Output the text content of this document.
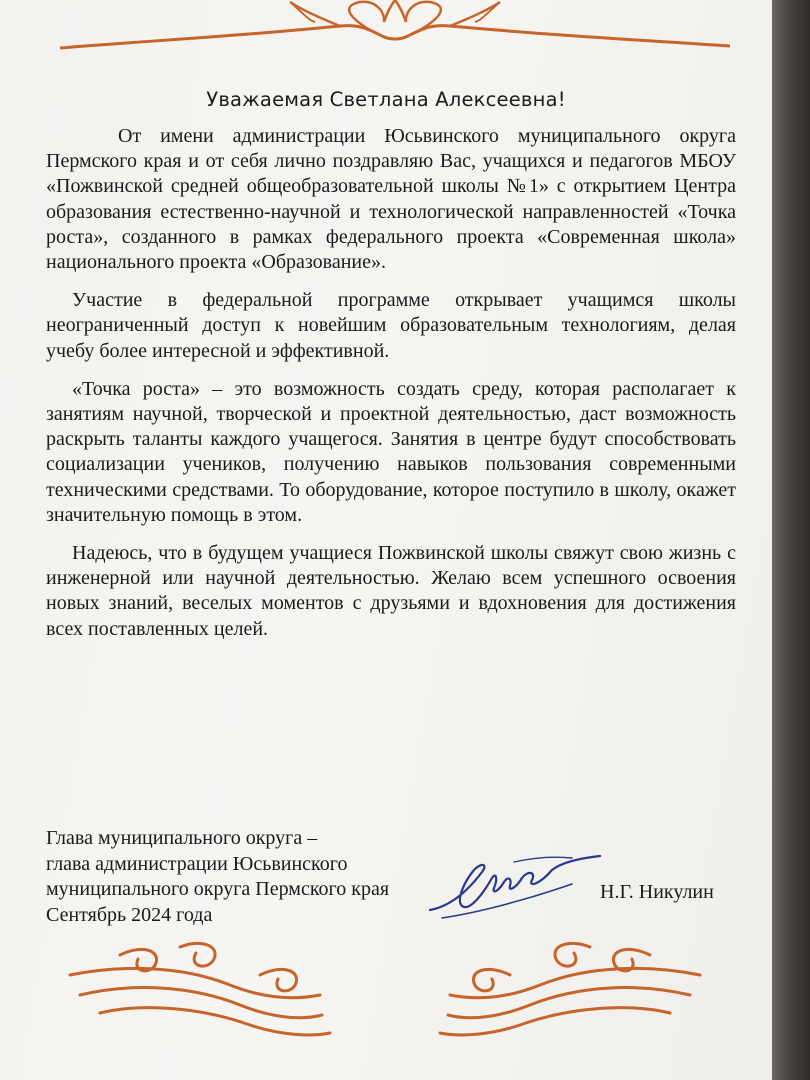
Уважаемая Светлана Алексеевна!

От имени администрации Юсьвинского муниципального округа Пермского края и от себя лично поздравляю Вас, учащихся и педагогов МБОУ «Пожвинской средней общеобразовательной школы №1» с открытием Центра образования естественно-научной и технологической направленностей «Точка роста», созданного в рамках федерального проекта «Современная школа» национального проекта «Образование».

Участие в федеральной программе открывает учащимся школы неограниченный доступ к новейшим образовательным технологиям, делая учебу более интересной и эффективной.

«Точка роста» – это возможность создать среду, которая располагает к занятиям научной, творческой и проектной деятельностью, даст возможность раскрыть таланты каждого учащегося. Занятия в центре будут способствовать социализации учеников, получению навыков пользования современными техническими средствами. То оборудование, которое поступило в школу, окажет значительную помощь в этом.

Надеюсь, что в будущем учащиеся Пожвинской школы свяжут свою жизнь с инженерной или научной деятельностью. Желаю всем успешного освоения новых знаний, веселых моментов с друзьями и вдохновения для достижения всех поставленных целей.

Глава муниципального округа –
глава администрации Юсьвинского
муниципального округа Пермского края
Сентябрь 2024 года
Н.Г. Никулин
